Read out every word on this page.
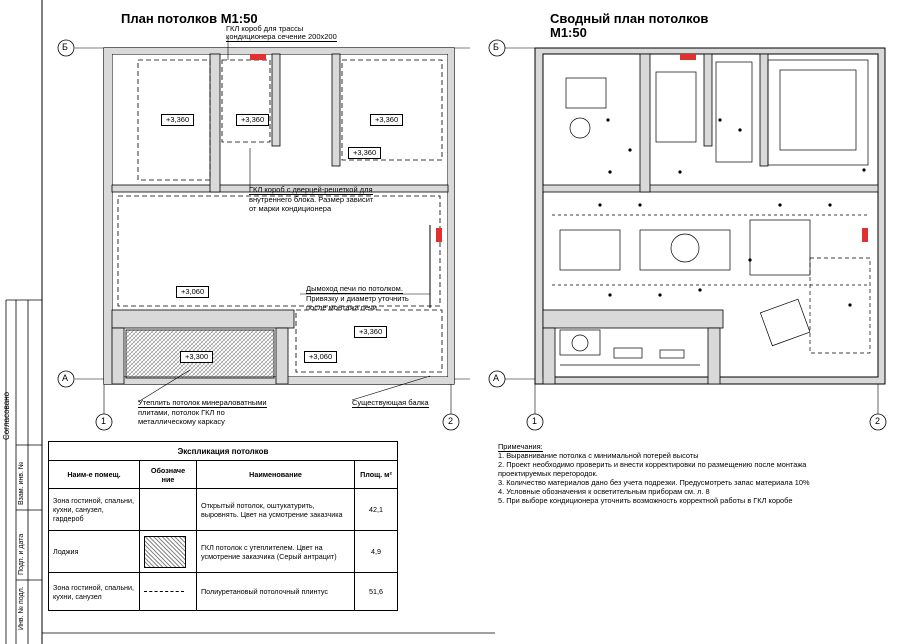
План потолков М1:50	Сводный план потолков
М1:50
Б
А
1	2
Б
А
1	2
+3,360	+3,360	+3,360
+3,360
+3,060
+3,360
+3,300	+3,060
ГКЛ короб для трассы
кондиционера сечение 200х200
ГКЛ короб с дверцей-решеткой для
внутреннего блока. Размер зависит
от марки кондиционера
Дымоход печи по потолком.
Привязку и диаметр уточнить
после монтажа печи
Утеплить потолок минераловатными
плитами, потолок ГКЛ по
металлическому каркасу
Существующая балка
Согласовано
Взам. инв. №
Подп. и дата
Инв. № подл.
Экспликация потолков			
Наим-е помещ.	Обозначе ние	Наименование	Площ. м²
Зона гостиной, спальни, кухни, санузел, гардероб		Открытый потолок, оштукатурить, выровнять. Цвет на усмотрение заказчика	42,1
Лоджия		ГКЛ потолок с утеплителем. Цвет на усмотрение заказчика (Серый антрацит)	4,9
Зона гостиной, спальни, кухни, санузел		Полиуретановый потолочный плинтус	51,6
Примечания:
1. Выравнивание потолка с минимальной потерей высоты
2. Проект необходимо проверить и внести корректировки по размещению после монтажа
проектируемых перегородок.
3. Количество материалов дано без учета подрезки. Предусмотреть запас материала 10%
4. Условные обозначения к осветительным приборам см. л. 8
5. При выборе кондиционера уточнить возможность корректной работы в ГКЛ коробе
